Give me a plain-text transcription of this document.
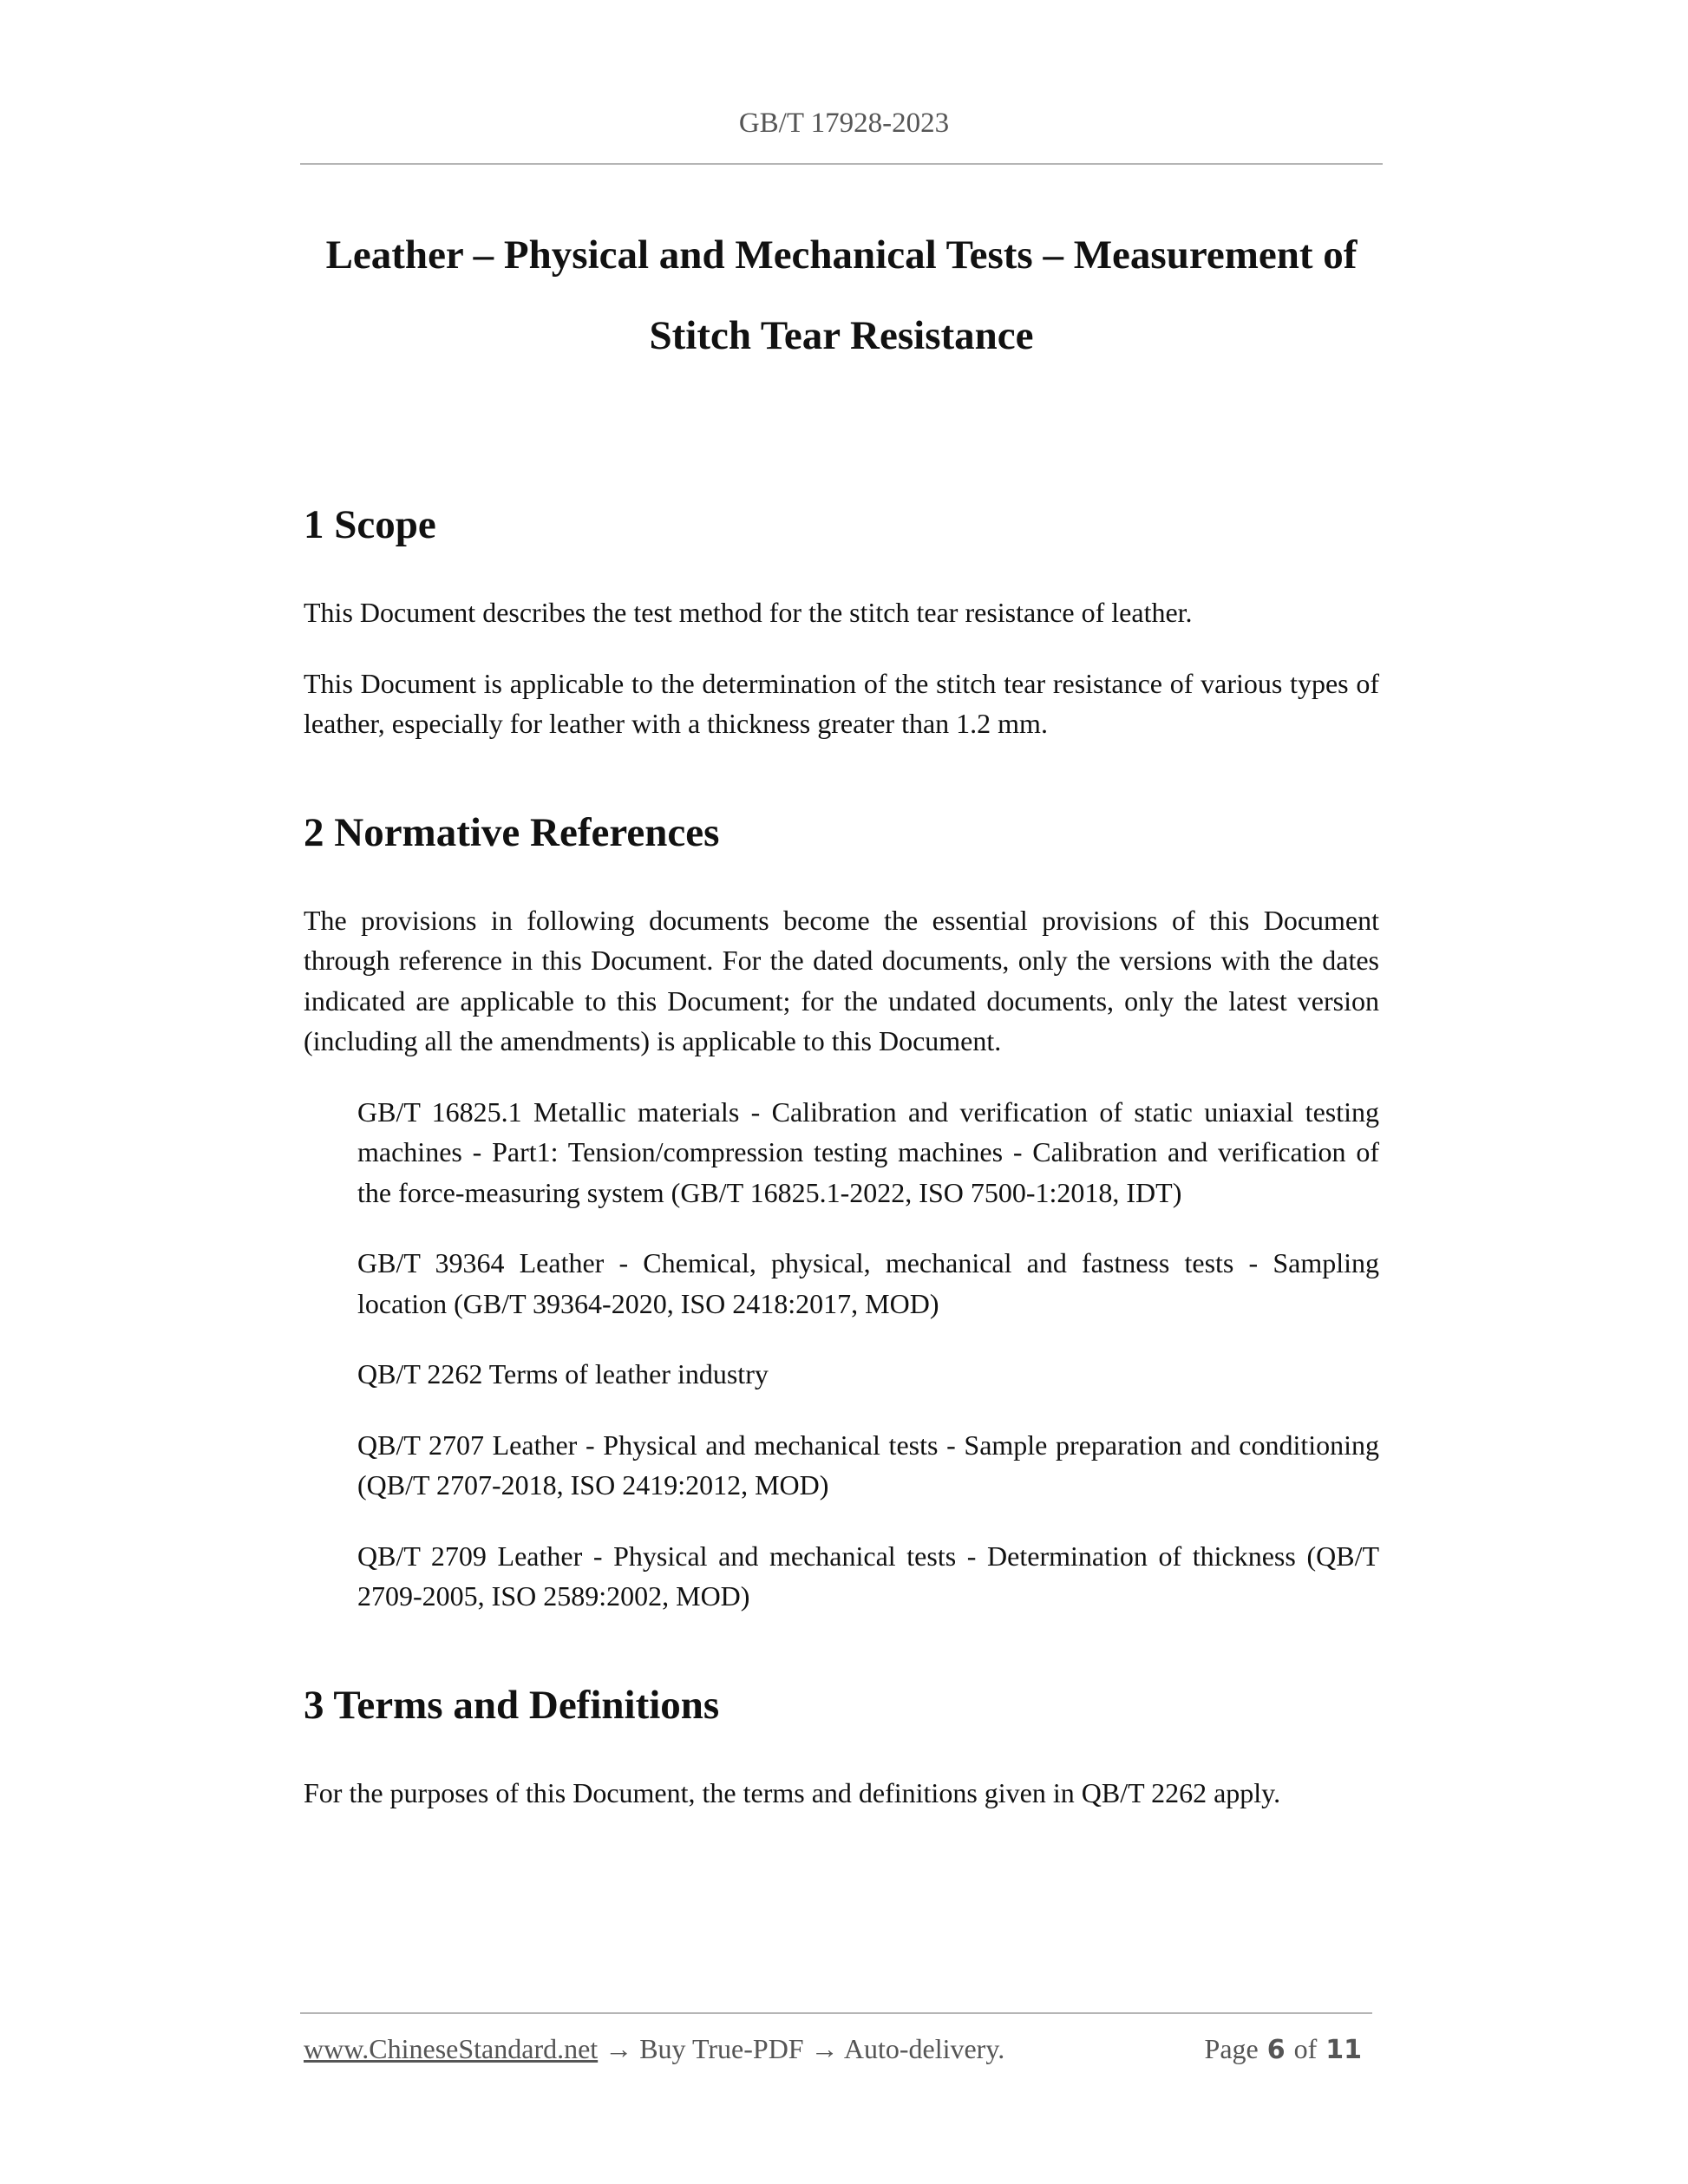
GB/T 17928-2023
Leather – Physical and Mechanical Tests – Measurement of
Stitch Tear Resistance
1 Scope

This Document describes the test method for the stitch tear resistance of leather.

This Document is applicable to the determination of the stitch tear resistance of various types of leather, especially for leather with a thickness greater than 1.2 mm.

2 Normative References

The provisions in following documents become the essential provisions of this Document through reference in this Document. For the dated documents, only the versions with the dates indicated are applicable to this Document; for the undated documents, only the latest version (including all the amendments) is applicable to this Document.

GB/T 16825.1 Metallic materials - Calibration and verification of static uniaxial testing machines - Part1: Tension/compression testing machines - Calibration and verification of the force-measuring system (GB/T 16825.1-2022, ISO 7500-1:2018, IDT)

GB/T 39364 Leather - Chemical, physical, mechanical and fastness tests - Sampling location (GB/T 39364-2020, ISO 2418:2017, MOD)

QB/T 2262 Terms of leather industry

QB/T 2707 Leather - Physical and mechanical tests - Sample preparation and conditioning (QB/T 2707-2018, ISO 2419:2012, MOD)

QB/T 2709 Leather - Physical and mechanical tests - Determination of thickness (QB/T 2709-2005, ISO 2589:2002, MOD)

3 Terms and Definitions

For the purposes of this Document, the terms and definitions given in QB/T 2262 apply.

www.ChineseStandard.net → Buy True-PDF → Auto-delivery.	Page 6 of 11
